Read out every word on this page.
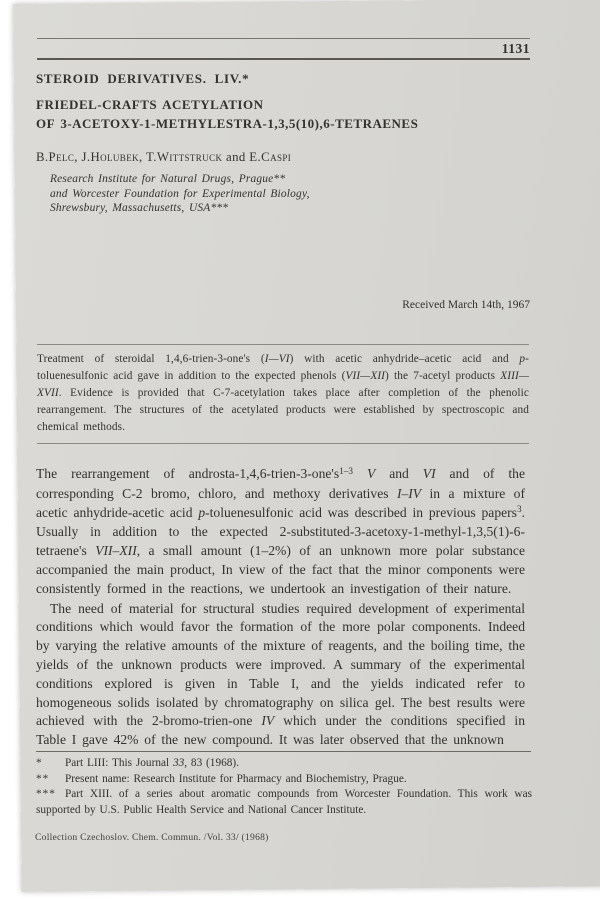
1131
STEROID DERIVATIVES. LIV.*
FRIEDEL-CRAFTS ACETYLATION
OF 3-ACETOXY-1-METHYLESTRA-1,3,5(10),6-TETRAENES
B.Pelc, J.Holubek, T.Wittstruck and E.Caspi
Research Institute for Natural Drugs, Prague**
and Worcester Foundation for Experimental Biology,
Shrewsbury, Massachusetts, USA***
Received March 14th, 1967

Treatment of steroidal 1,4,6-trien-3-one's (I—VI) with acetic anhydride–acetic acid and p-toluenesulfonic acid gave in addition to the expected phenols (VII—XII) the 7-acetyl products XIII—XVII. Evidence is provided that C-7-acetylation takes place after completion of the phenolic rearrangement. The structures of the acetylated products were established by spectroscopic and chemical methods.

The rearrangement of androsta-$1,4,6-trien-3-one's^{1-3}$ V and VI and of the corresponding C-2 bromo, chloro, and methoxy derivatives I–IV in a mixture of acetic anhydride-acetic acid p-toluenesulfonic acid was described in previous papers$^3$. Usually in addition to the expected 2-substituted-3-acetoxy-1-methyl-1,3,5(1)-6-tetraene's VII–XII, a small amount (1–2%) of an unknown more polar substance accompanied the main product, In view of the fact that the minor components were consistently formed in the reactions, we undertook an investigation of their nature.

The need of material for structural studies required development of experimental conditions which would favor the formation of the more polar components. Indeed by varying the relative amounts of the mixture of reagents, and the boiling time, the yields of the unknown products were improved. A summary of the experimental conditions explored is given in Table I, and the yields indicated refer to homogeneous solids isolated by chromatography on silica gel. The best results were achieved with the 2-bromo-trien-one IV which under the conditions specified in Table I gave 42% of the new compound. It was later observed that the unknown

* Part LIII: This Journal 33, 83 (1968).

** Present name: Research Institute for Pharmacy and Biochemistry, Prague.

*** Part XIII. of a series about aromatic compounds from Worcester Foundation. This work was supported by U.S. Public Health Service and National Cancer Institute.

Collection Czechoslov. Chem. Commun. /Vol. 33/ (1968)
